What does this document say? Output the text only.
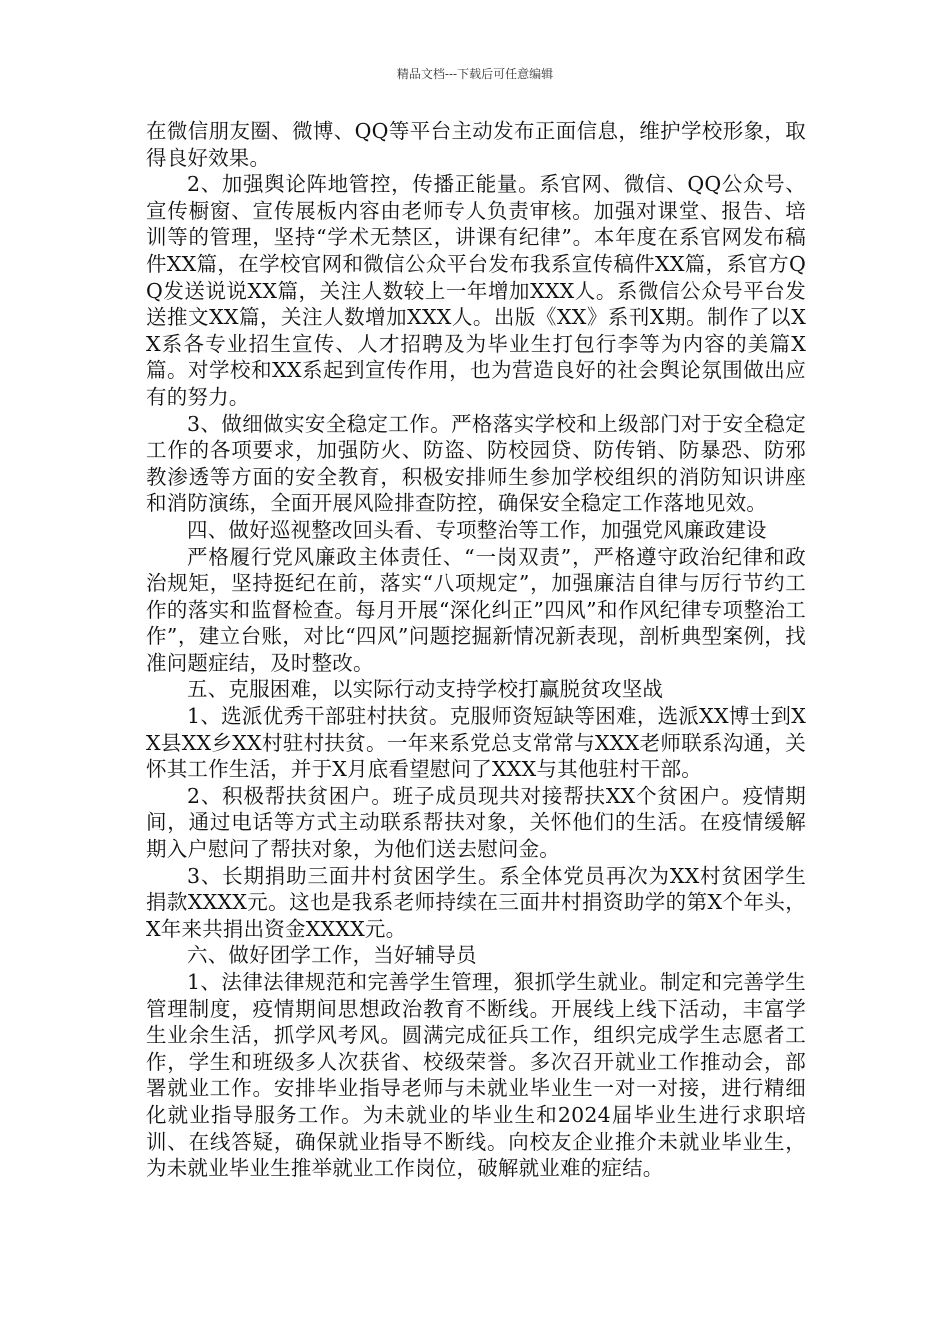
精品文档---下载后可任意编辑

在微信朋友圈、微博、QQ等平台主动发布正面信息，维护学校形象，取得良好效果。

2、加强舆论阵地管控，传播正能量。系官网、微信、QQ公众号、宣传橱窗、宣传展板内容由老师专人负责审核。加强对课堂、报告、培训等的管理，坚持“学术无禁区，讲课有纪律”。本年度在系官网发布稿件XX篇，在学校官网和微信公众平台发布我系宣传稿件XX篇，系官方QQ发送说说XX篇，关注人数较上一年增加XXX人。系微信公众号平台发送推文XX篇，关注人数增加XXX人。出版《XX》系刊X期。制作了以XX系各专业招生宣传、人才招聘及为毕业生打包行李等为内容的美篇X篇。对学校和XX系起到宣传作用，也为营造良好的社会舆论氛围做出应有的努力。

3、做细做实安全稳定工作。严格落实学校和上级部门对于安全稳定工作的各项要求，加强防火、防盗、防校园贷、防传销、防暴恐、防邪教渗透等方面的安全教育，积极安排师生参加学校组织的消防知识讲座和消防演练，全面开展风险排查防控，确保安全稳定工作落地见效。

四、做好巡视整改回头看、专项整治等工作，加强党风廉政建设

严格履行党风廉政主体责任、“一岗双责”，严格遵守政治纪律和政治规矩，坚持挺纪在前，落实“八项规定”，加强廉洁自律与厉行节约工作的落实和监督检查。每月开展“深化纠正”四风”和作风纪律专项整治工作”，建立台账，对比“四风”问题挖掘新情况新表现，剖析典型案例，找准问题症结，及时整改。

五、克服困难，以实际行动支持学校打赢脱贫攻坚战

1、选派优秀干部驻村扶贫。克服师资短缺等困难，选派XX博士到XX县XX乡XX村驻村扶贫。一年来系党总支常常与XXX老师联系沟通，关怀其工作生活，并于X月底看望慰问了XXX与其他驻村干部。

2、积极帮扶贫困户。班子成员现共对接帮扶XX个贫困户。疫情期间，通过电话等方式主动联系帮扶对象，关怀他们的生活。在疫情缓解期入户慰问了帮扶对象，为他们送去慰问金。

3、长期捐助三面井村贫困学生。系全体党员再次为XX村贫困学生捐款XXXX元。这也是我系老师持续在三面井村捐资助学的第X个年头，X年来共捐出资金XXXX元。

六、做好团学工作，当好辅导员

1、法律法律规范和完善学生管理，狠抓学生就业。制定和完善学生管理制度，疫情期间思想政治教育不断线。开展线上线下活动，丰富学生业余生活，抓学风考风。圆满完成征兵工作，组织完成学生志愿者工作，学生和班级多人次获省、校级荣誉。多次召开就业工作推动会，部署就业工作。安排毕业指导老师与未就业毕业生一对一对接，进行精细化就业指导服务工作。为未就业的毕业生和2024届毕业生进行求职培训、在线答疑，确保就业指导不断线。向校友企业推介未就业毕业生，为未就业毕业生推举就业工作岗位，破解就业难的症结。
